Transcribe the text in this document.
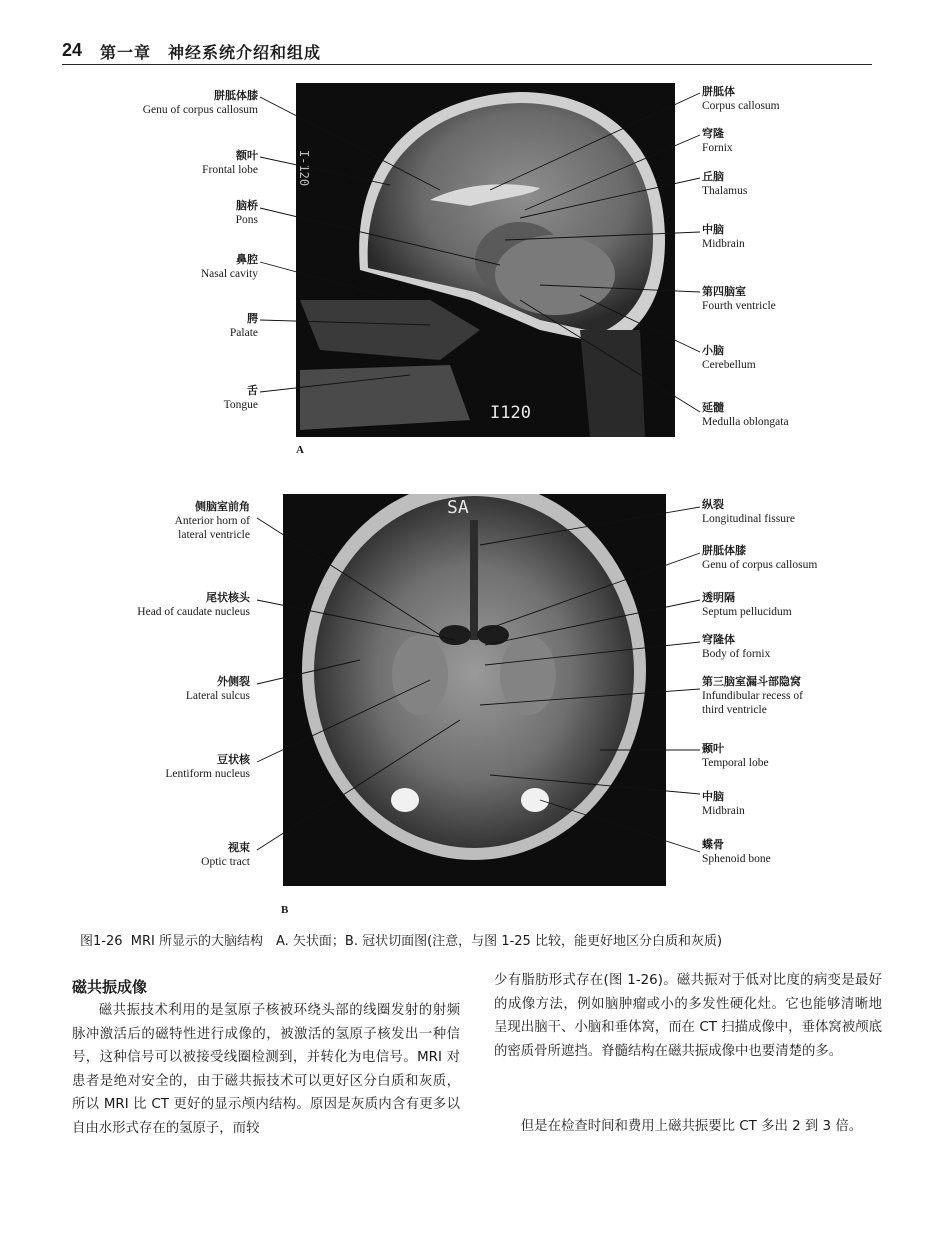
24 第一章　神经系统介绍和组成
I120
I-120
SA
胼胝体膝
Genu of corpus callosum
额叶
Frontal lobe
脑桥
Pons
鼻腔
Nasal cavity
腭
Palate
舌
Tongue
胼胝体
Corpus callosum
穹隆
Fornix
丘脑
Thalamus
中脑
Midbrain
第四脑室
Fourth ventricle
小脑
Cerebellum
延髓
Medulla oblongata
A
侧脑室前角
Anterior horn of
lateral ventricle
尾状核头
Head of caudate nucleus
外侧裂
Lateral sulcus
豆状核
Lentiform nucleus
视束
Optic tract
纵裂
Longitudinal fissure
胼胝体膝
Genu of corpus callosum
透明隔
Septum pellucidum
穹隆体
Body of fornix
第三脑室漏斗部隐窝
Infundibular recess of
third ventricle
颞叶
Temporal lobe
中脑
Midbrain
蝶骨
Sphenoid bone
B
图1-26 MRI 所显示的大脑结构　A. 矢状面；B. 冠状切面图(注意，与图 1-25 比较，能更好地区分白质和灰质)
磁共振成像
磁共振技术利用的是氢原子核被环绕头部的线圈发射的射频脉冲激活后的磁特性进行成像的，被激活的氢原子核发出一种信号，这种信号可以被接受线圈检测到，并转化为电信号。MRI 对患者是绝对安全的，由于磁共振技术可以更好区分白质和灰质，所以 MRI 比 CT 更好的显示颅内结构。原因是灰质内含有更多以自由水形式存在的氢原子，而较
少有脂肪形式存在(图 1-26)。磁共振对于低对比度的病变是最好的成像方法，例如脑肿瘤或小的多发性硬化灶。它也能够清晰地呈现出脑干、小脑和垂体窝，而在 CT 扫描成像中，垂体窝被颅底的密质骨所遮挡。脊髓结构在磁共振成像中也要清楚的多。
但是在检查时间和费用上磁共振要比 CT 多出 2 到 3 倍。
